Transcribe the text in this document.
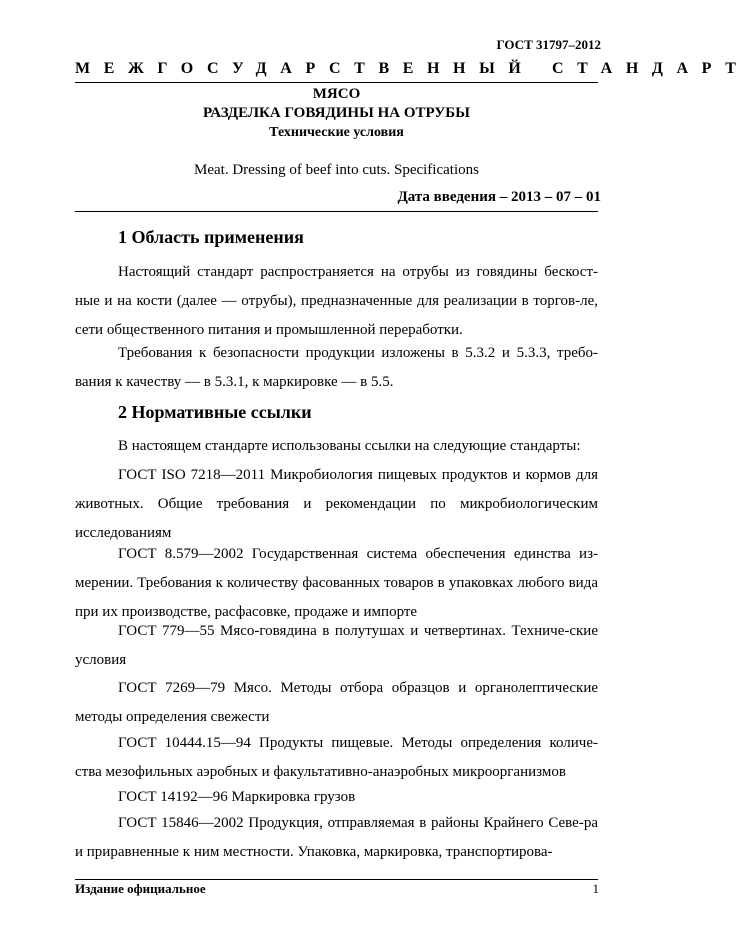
ГОСТ 31797–2012
МЕЖГОСУДАРСТВЕННЫЙ СТАНДАРТ
МЯСО
РАЗДЕЛКА ГОВЯДИНЫ НА ОТРУБЫ
Технические условия
Meat. Dressing of beef into cuts. Specifications
Дата введения – 2013 – 07 – 01
1 Область применения
Настоящий стандарт распространяется на отрубы из говядины бескост-ные и на кости (далее — отрубы), предназначенные для реализации в торгов-ле, сети общественного питания и промышленной переработки.
Требования к безопасности продукции изложены в 5.3.2 и 5.3.3, требо-вания к качеству — в 5.3.1, к маркировке — в 5.5.
2 Нормативные ссылки
В настоящем стандарте использованы ссылки на следующие стандарты:
ГОСТ ISO 7218—2011 Микробиология пищевых продуктов и кормов для животных. Общие требования и рекомендации по микробиологическим исследованиям
ГОСТ 8.579—2002 Государственная система обеспечения единства из-мерении. Требования к количеству фасованных товаров в упаковках любого вида при их производстве, расфасовке, продаже и импорте
ГОСТ 779—55 Мясо-говядина в полутушах и четвертинах. Техниче-ские условия
ГОСТ 7269—79 Мясо. Методы отбора образцов и органолептические методы определения свежести
ГОСТ 10444.15—94 Продукты пищевые. Методы определения количе-ства мезофильных аэробных и факультативно-анаэробных микроорганизмов
ГОСТ 14192—96 Маркировка грузов
ГОСТ 15846—2002 Продукция, отправляемая в районы Крайнего Севе-ра и приравненные к ним местности. Упаковка, маркировка, транспортирова-
Издание официальное	1
